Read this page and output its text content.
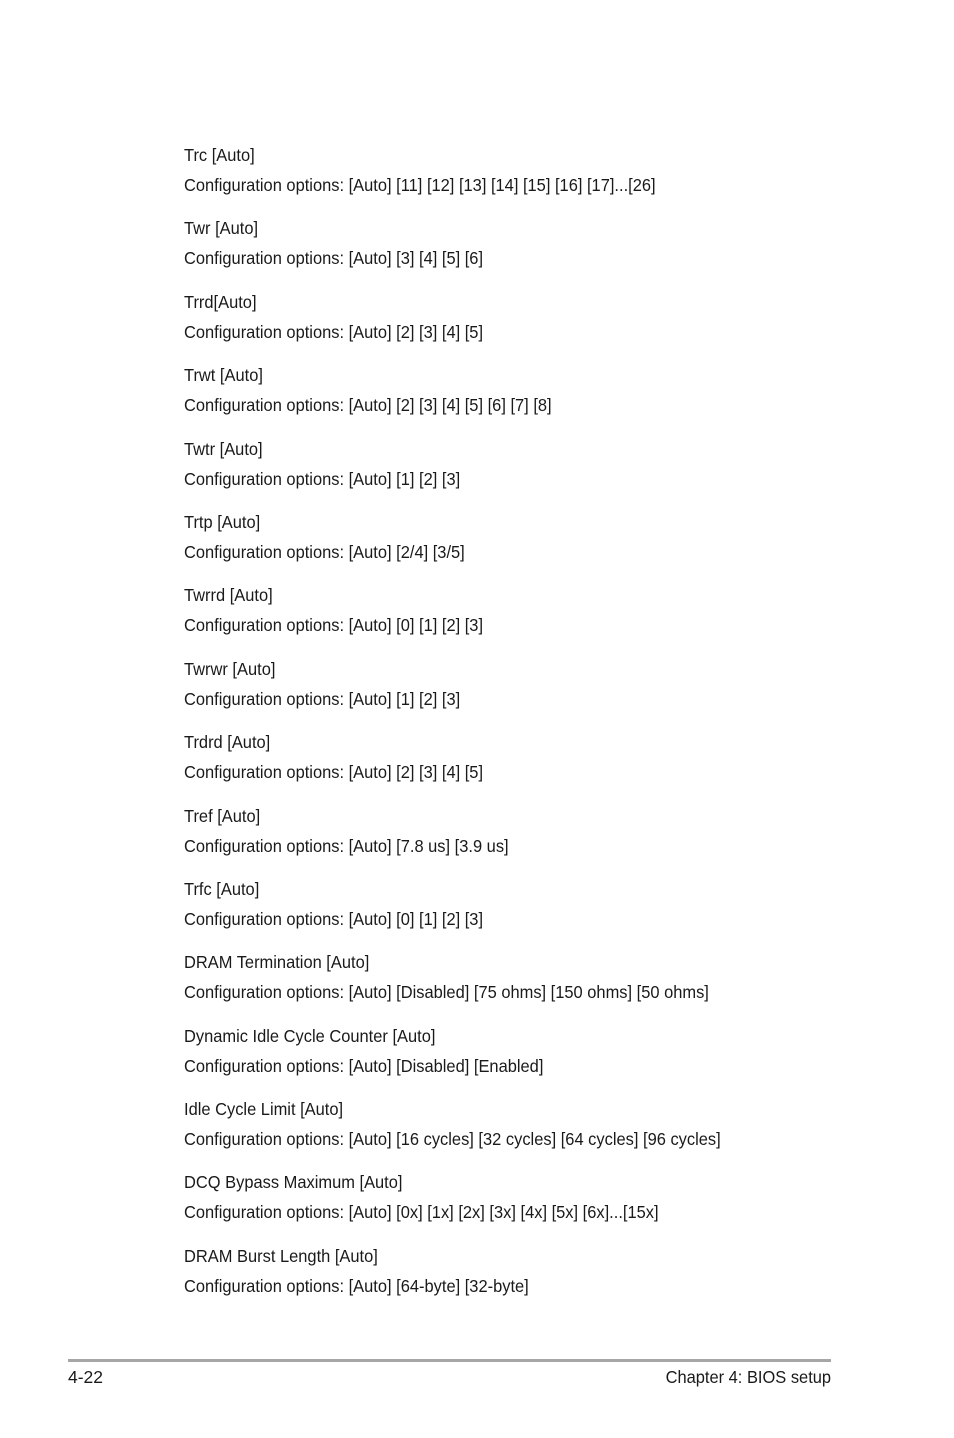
Trc [Auto]
Configuration options: [Auto] [11] [12] [13] [14] [15] [16] [17]...[26]
Twr [Auto]
Configuration options: [Auto] [3] [4] [5] [6]
Trrd[Auto]
Configuration options: [Auto] [2] [3] [4] [5]
Trwt [Auto]
Configuration options: [Auto] [2] [3] [4] [5] [6] [7] [8]
Twtr [Auto]
Configuration options: [Auto] [1] [2] [3]
Trtp [Auto]
Configuration options: [Auto] [2/4] [3/5]
Twrrd [Auto]
Configuration options: [Auto] [0] [1] [2] [3]
Twrwr [Auto]
Configuration options: [Auto] [1] [2] [3]
Trdrd [Auto]
Configuration options: [Auto] [2] [3] [4] [5]
Tref [Auto]
Configuration options: [Auto] [7.8 us] [3.9 us]
Trfc [Auto]
Configuration options: [Auto] [0] [1] [2] [3]
DRAM Termination [Auto]
Configuration options: [Auto] [Disabled] [75 ohms] [150 ohms] [50 ohms]
Dynamic Idle Cycle Counter [Auto]
Configuration options: [Auto] [Disabled] [Enabled]
Idle Cycle Limit [Auto]
Configuration options: [Auto] [16 cycles] [32 cycles] [64 cycles] [96 cycles]
DCQ Bypass Maximum [Auto]
Configuration options: [Auto] [0x] [1x] [2x] [3x] [4x] [5x] [6x]...[15x]
DRAM Burst Length [Auto]
Configuration options: [Auto] [64-byte] [32-byte]
4-22	Chapter 4: BIOS setup
